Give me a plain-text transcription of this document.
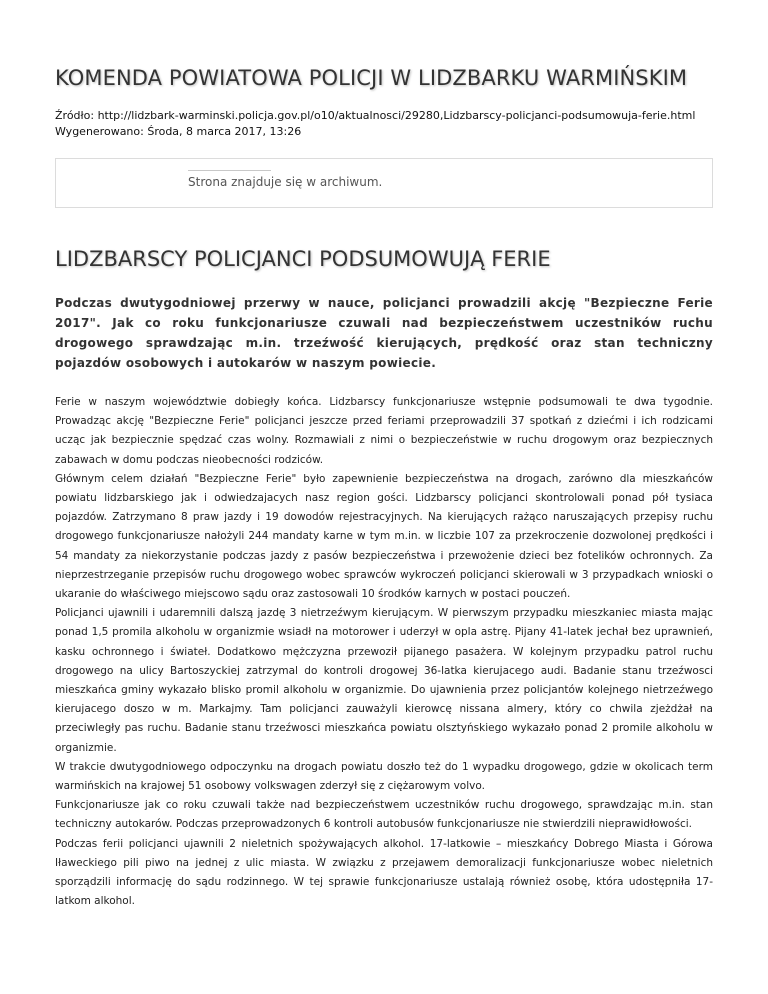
KOMENDA POWIATOWA POLICJI W LIDZBARKU WARMIŃSKIM
Źródło: http://lidzbark-warminski.policja.gov.pl/o10/aktualnosci/29280,Lidzbarscy-policjanci-podsumowuja-ferie.html
Wygenerowano: Środa, 8 marca 2017, 13:26
Strona znajduje się w archiwum.
LIDZBARSCY POLICJANCI PODSUMOWUJĄ FERIE

Podczas dwutygodniowej przerwy w nauce, policjanci prowadzili akcję "Bezpieczne Ferie 2017". Jak co roku funkcjonariusze czuwali nad bezpieczeństwem uczestników ruchu drogowego sprawdzając m.in. trzeźwość kierujących, prędkość oraz stan techniczny pojazdów osobowych i autokarów w naszym powiecie.

Ferie w naszym województwie dobiegły końca. Lidzbarscy funkcjonariusze wstępnie podsumowali te dwa tygodnie. Prowadząc akcję "Bezpieczne Ferie" policjanci jeszcze przed feriami przeprowadzili 37 spotkań z dziećmi i ich rodzicami ucząc jak bezpiecznie spędzać czas wolny. Rozmawiali z nimi o bezpieczeństwie w ruchu drogowym oraz bezpiecznych zabawach w domu podczas nieobecności rodziców.

Głównym celem działań "Bezpieczne Ferie" było zapewnienie bezpieczeństwa na drogach, zarówno dla mieszkańców powiatu lidzbarskiego jak i odwiedzajacych nasz region gości. Lidzbarscy policjanci skontrolowali ponad pół tysiaca pojazdów. Zatrzymano 8 praw jazdy i 19 dowodów rejestracyjnych. Na kierujących rażąco naruszających przepisy ruchu drogowego funkcjonariusze nałożyli 244 mandaty karne w tym m.in. w liczbie 107 za przekroczenie dozwolonej prędkości i 54 mandaty za niekorzystanie podczas jazdy z pasów bezpieczeństwa i przewożenie dzieci bez fotelików ochronnych. Za nieprzestrzeganie przepisów ruchu drogowego wobec sprawców wykroczeń policjanci skierowali w 3 przypadkach wnioski o ukaranie do właściwego miejscowo sądu oraz zastosowali 10 środków karnych w postaci pouczeń.

Policjanci ujawnili i udaremnili dalszą jazdę 3 nietrzeźwym kierującym. W pierwszym przypadku mieszkaniec miasta mając ponad 1,5 promila alkoholu w organizmie wsiadł na motorower i uderzył w opla astrę. Pijany 41-latek jechał bez uprawnień, kasku ochronnego i świateł. Dodatkowo mężczyzna przewoził pijanego pasażera. W kolejnym przypadku patrol ruchu drogowego na ulicy Bartoszyckiej zatrzymal do kontroli drogowej 36-latka kierujacego audi. Badanie stanu trzeźwosci mieszkańca gminy wykazało blisko promil alkoholu w organizmie. Do ujawnienia przez policjantów kolejnego nietrzeźwego kierujacego doszo w m. Markajmy. Tam policjanci zauważyli kierowcę nissana almery, który co chwila zjeżdżał na przeciwległy pas ruchu. Badanie stanu trzeźwosci mieszkańca powiatu olsztyńskiego wykazało ponad 2 promile alkoholu w organizmie.

W trakcie dwutygodniowego odpoczynku na drogach powiatu doszło też do 1 wypadku drogowego, gdzie w okolicach term warmińskich na krajowej 51 osobowy volkswagen zderzył się z ciężarowym volvo.

Funkcjonariusze jak co roku czuwali także nad bezpieczeństwem uczestników ruchu drogowego, sprawdzając m.in. stan techniczny autokarów. Podczas przeprowadzonych 6 kontroli autobusów funkcjonariusze nie stwierdzili nieprawidłowości.

Podczas ferii policjanci ujawnili 2 nieletnich spożywających alkohol. 17-latkowie – mieszkańcy Dobrego Miasta i Górowa Iławeckiego pili piwo na jednej z ulic miasta. W związku z przejawem demoralizacji funkcjonariusze wobec nieletnich sporządzili informację do sądu rodzinnego. W tej sprawie funkcjonariusze ustalają również osobę, która udostępniła 17-latkom alkohol.
